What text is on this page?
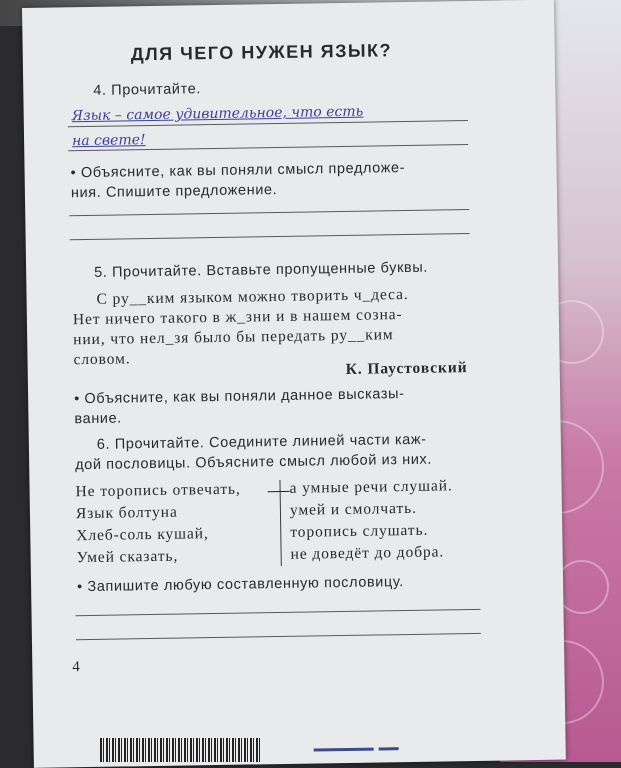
ДЛЯ ЧЕГО НУЖЕН ЯЗЫК?
4. Прочитайте.
Язык – самое удивительное, что есть
на свете!
• Объясните, как вы поняли смысл предложе-
ния. Спишите предложение.
5. Прочитайте. Вставьте пропущенные буквы.
С ру__ким языком можно творить ч_деса.
Нет ничего такого в ж_зни и в нашем созна-
нии, что нел_зя было бы передать ру__ким
словом.	К. Паустовский
• Объясните, как вы поняли данное высказы-
вание.
6. Прочитайте. Соедините линией части каж-
дой пословицы. Объясните смысл любой из них.
Не торопись отвечать,
Язык болтуна
Хлеб-соль кушай,
Умей сказать,
а умные речи слушай.
умей и смолчать.
торопись слушать.
не доведёт до добра.
• Запишите любую составленную пословицу.
4
